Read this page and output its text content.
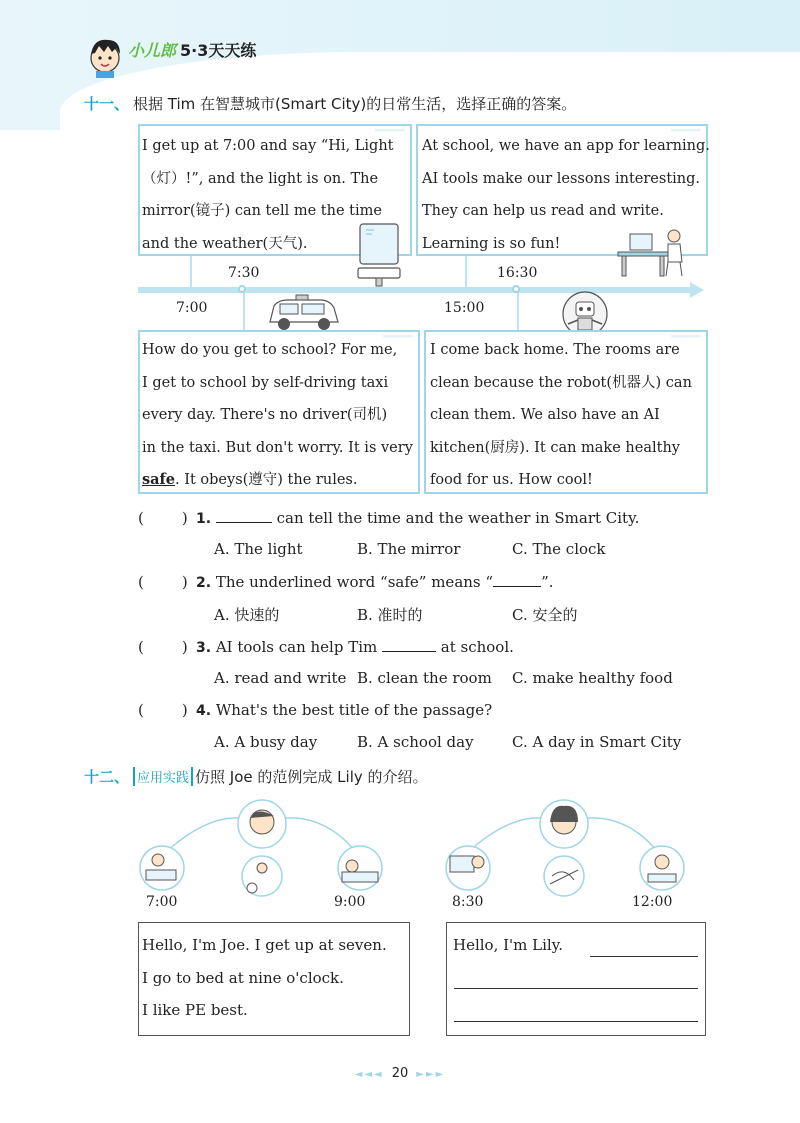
小儿郎 5·3天天练
十一、 根据 Tim 在智慧城市(Smart City)的日常生活，选择正确的答案。
»»»»»»»»»»»

I get up at 7:00 and say “Hi, Light

（灯）!”, and the light is on. The

mirror(镜子) can tell me the time

and the weather(天气).

»»»»»»»»»»»

At school, we have an app for learning.

AI tools make our lessons interesting.

They can help us read and write.

Learning is so fun!

7:30	16:30
7:00	15:00
»»»»»»»»»»»

How do you get to school? For me,

I get to school by self-driving taxi

every day. There's no driver(司机)

in the taxi. But don't worry. It is very

safe. It obeys(遵守) the rules.

»»»»»»»»»»»

I come back home. The rooms are

clean because the robot(机器人) can

clean them. We also have an AI

kitchen(厨房). It can make healthy

food for us. How cool!

(	) 1.	can tell the time and the weather in Smart City.
A. The light	B. The mirror	C. The clock
(	) 2. The underlined word “safe” means “	”.
A. 快速的	B. 准时的	C. 安全的
(	) 3. AI tools can help Tim	at school.
A. read and write B. clean the room C. make healthy food
(	) 4. What's the best title of the passage?
A. A busy day	B. A school day	C. A day in Smart City
十二、 应用实践 仿照 Joe 的范例完成 Lily 的介绍。
7:00	9:00	8:30	12:00

Hello, I'm Joe. I get up at seven.

I go to bed at nine o'clock.

I like PE best.

Hello, I'm Lily.

◄◄◄ 20 ►►►
